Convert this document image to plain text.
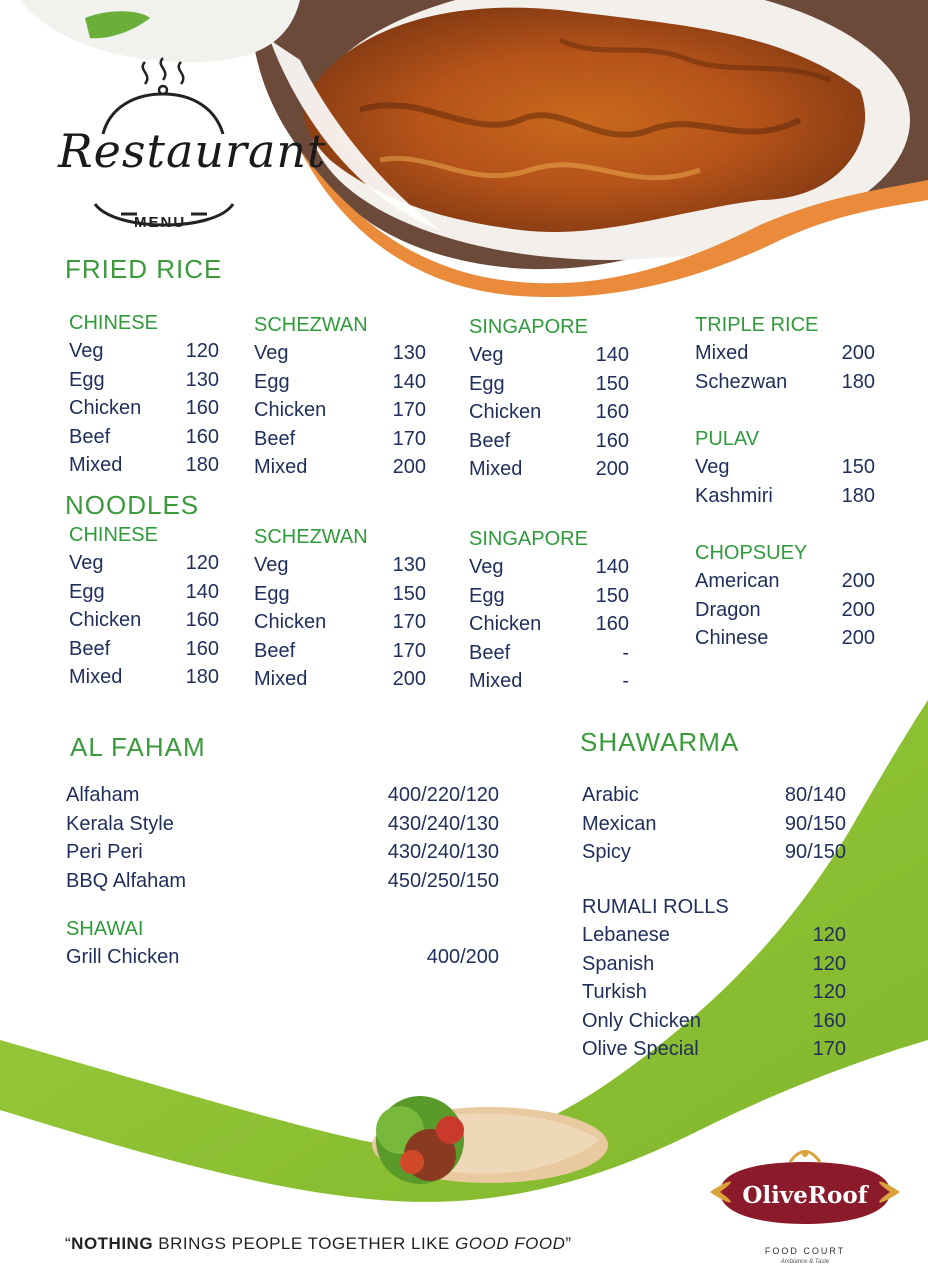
Restaurant
MENU
FRIED RICE
CHINESE
Veg	120
Egg	130
Chicken 160
Beef	160
Mixed	180
SCHEZWAN
Veg	130
Egg	140
Chicken	170
Beef	170
Mixed	200
SINGAPORE
Veg	140
Egg	150
Chicken	160
Beef	160
Mixed	200
TRIPLE RICE
Mixed	200
Schezwan	180
PULAV
Veg	150
Kashmiri	180
CHOPSUEY
American	200
Dragon	200
Chinese	200
NOODLES
CHINESE
Veg	120
Egg	140
Chicken 160
Beef	160
Mixed	180
SCHEZWAN
Veg	130
Egg	150
Chicken	170
Beef	170
Mixed	200
SINGAPORE
Veg	140
Egg	150
Chicken	160
Beef	-
Mixed	-
AL FAHAM
Alfaham	400/220/120
Kerala Style	430/240/130
Peri Peri	430/240/130
BBQ Alfaham	450/250/150
SHAWAI
Grill Chicken	400/200
SHAWARMA
Arabic	80/140
Mexican	90/150
Spicy	90/150
RUMALI ROLLS
Lebanese	120
Spanish	120
Turkish	120
Only Chicken	160
Olive Special	170
“NOTHING BRINGS PEOPLE TOGETHER LIKE GOOD FOOD”
OliveRoof
FOOD COURT
Ambiance & Taste
